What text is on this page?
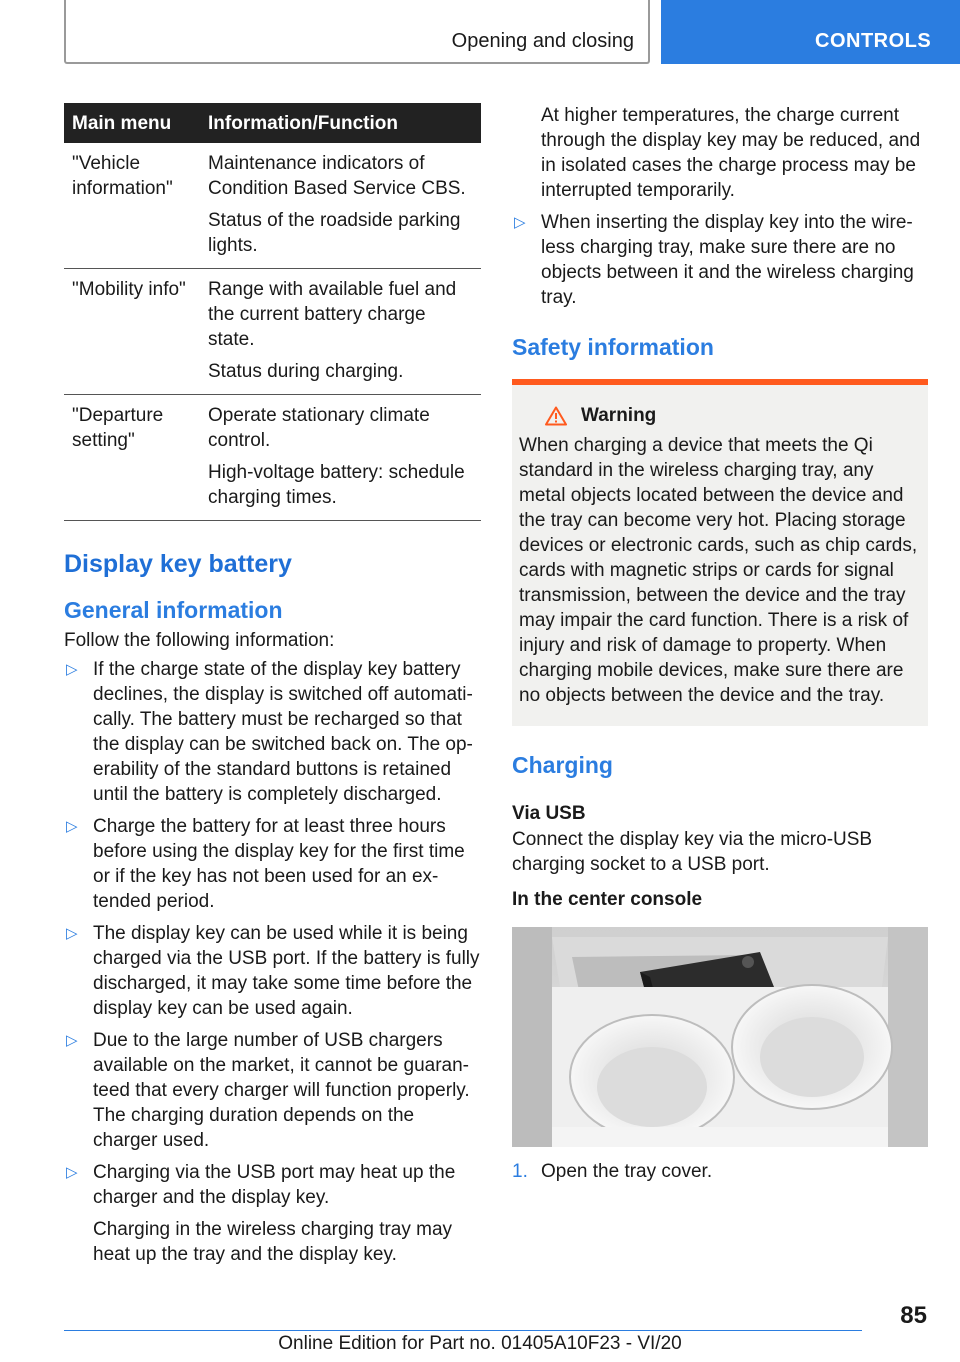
Opening and closing	CONTROLS
Main menu	Information/Function
"Vehicle information"	Maintenance indicators of Condition Based Service CBS.

Status of the roadside parking lights.

"Mobility info"	Range with available fuel and the current battery charge state.

Status during charging.

"Departure setting"	Operate stationary climate control.

High-voltage battery: schedule charging times.

Display key battery
General information

Follow the following information:

▷ If the charge state of the display key battery declines, the display is switched off automati‐cally. The battery must be recharged so that the display can be switched back on. The op‐erability of the standard buttons is retained until the battery is completely discharged.

▷ Charge the battery for at least three hours before using the display key for the first time or if the key has not been used for an ex‐tended period.

▷ The display key can be used while it is being charged via the USB port. If the battery is fully discharged, it may take some time before the display key can be used again.

▷ Due to the large number of USB chargers available on the market, it cannot be guaran‐teed that every charger will function properly. The charging duration depends on the charger used.

▷ Charging via the USB port may heat up the charger and the display key.

Charging in the wireless charging tray may heat up the tray and the display key.

At higher temperatures, the charge current through the display key may be reduced, and in isolated cases the charge process may be interrupted temporarily.

▷ When inserting the display key into the wire‐less charging tray, make sure there are no objects between it and the wireless charging tray.

Safety information
Warning

When charging a device that meets the Qi standard in the wireless charging tray, any metal objects located between the device and the tray can become very hot. Placing storage devices or electronic cards, such as chip cards, cards with magnetic strips or cards for signal transmission, between the device and the tray may impair the card function. There is a risk of injury and risk of damage to property. When charging mobile devices, make sure there are no objects between the device and the tray.

Charging
Via USB

Connect the display key via the micro-USB charging socket to a USB port.

In the center console
1. Open the tray cover.
85
Online Edition for Part no. 01405A10F23 - VI/20
